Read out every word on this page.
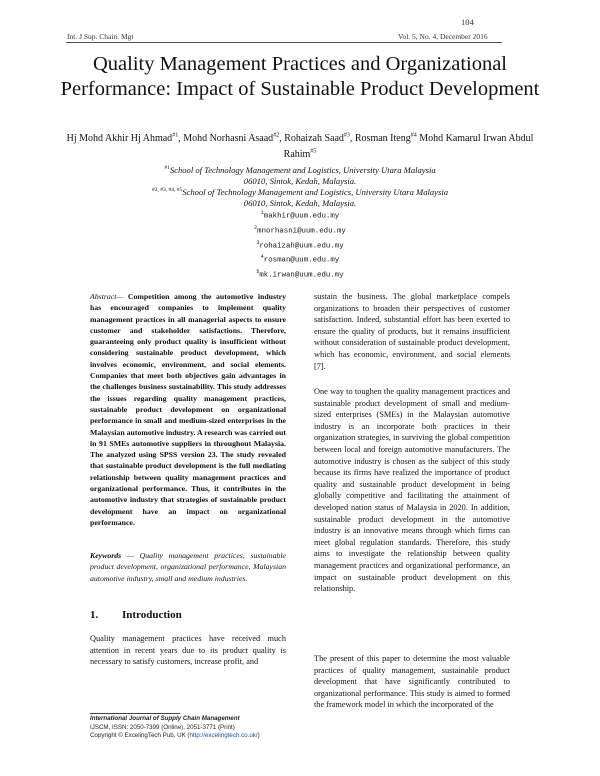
104
Int. J Sup. Chain. Mgt	Vol. 5, No. 4, December 2016
Quality Management Practices and Organizational Performance: Impact of Sustainable Product Development
Hj Mohd Akhir Hj Ahmad$^{\#1}$, Mohd Norhasni Asaad$^{\#2}$, Rohaizah Saad$^{\#3}$, Rosman Iteng$^{\#4}$ Mohd Kamarul Irwan Abdul Rahim$^{\#5}$
$^{\#1}$School of Technology Management and Logistics, University Utara Malaysia
06010, Sintok, Kedah, Malaysia.
$^{\#2, \#3, \#4, \#5}$School of Technology Management and Logistics, University Utara Malaysia
06010, Sintok, Kedah, Malaysia.
$^1$makhir@uum.edu.my
$^2$mnorhasni@uum.edu.my
$^3$rohaizah@uum.edu.my
$^4$rosman@uum.edu.my
$^5$mk.irwan@uum.edu.my

Abstract— Competition among the automotive industry has encouraged companies to implement quality management practices in all managerial aspects to ensure customer and stakeholder satisfactions. Therefore, guaranteeing only product quality is insufficient without considering sustainable product development, which involves economic, environment, and social elements. Companies that meet both objectives gain advantages in the challenges business sustainability. This study addresses the issues regarding quality management practices, sustainable product development on organizational performance in small and medium-sized enterprises in the Malaysian automotive industry. A research was carried out in 91 SMEs automotive suppliers in throughout Malaysia. The analyzed using SPSS version 23. The study revealed that sustainable product development is the full mediating relationship between quality management practices and organizational performance. Thus, it contributes in the automotive industry that strategies of sustainable product development have an impact on organizational performance.

Keywords — Quality management practices, sustainable product development, organizational performance, Malaysian automotive industry, small and medium industries.

1. Introduction

Quality management practices have received much attention in recent years due to its product quality is necessary to satisfy customers, increase profit, and

International Journal of Supply Chain Management
IJSCM, ISSN: 2050-7399 (Online), 2051-3771 (Print)
Copyright © ExcelingTech Pub, UK (http://excelingtech.co.uk/)

sustain the business. The global marketplace compels organizations to broaden their perspectives of customer satisfaction. Indeed, substantial effort has been exerted to ensure the quality of products, but it remains insufficient without consideration of sustainable product development, which has economic, environment, and social elements [7].

One way to toughen the quality management practices and sustainable product development of small and medium-sized enterprises (SMEs) in the Malaysian automotive industry is an incorporate both practices in their organization strategies, in surviving the global competition between local and foreign automotive manufacturers. The automotive industry is chosen as the subject of this study because its firms have realized the importance of product quality and sustainable product development in being globally competitive and facilitating the attainment of developed nation status of Malaysia in 2020. In addition, sustainable product development in the automotive industry is an innovative means through which firms can meet global regulation standards. Therefore, this study aims to investigate the relationship between quality management practices and organizational performance, an impact on sustainable product development on this relationship.

The present of this paper to determine the most valuable practices of quality management, sustainable product development that have significantly contributed to organizational performance. This study is aimed to formed the framework model in which the incorporated of the
